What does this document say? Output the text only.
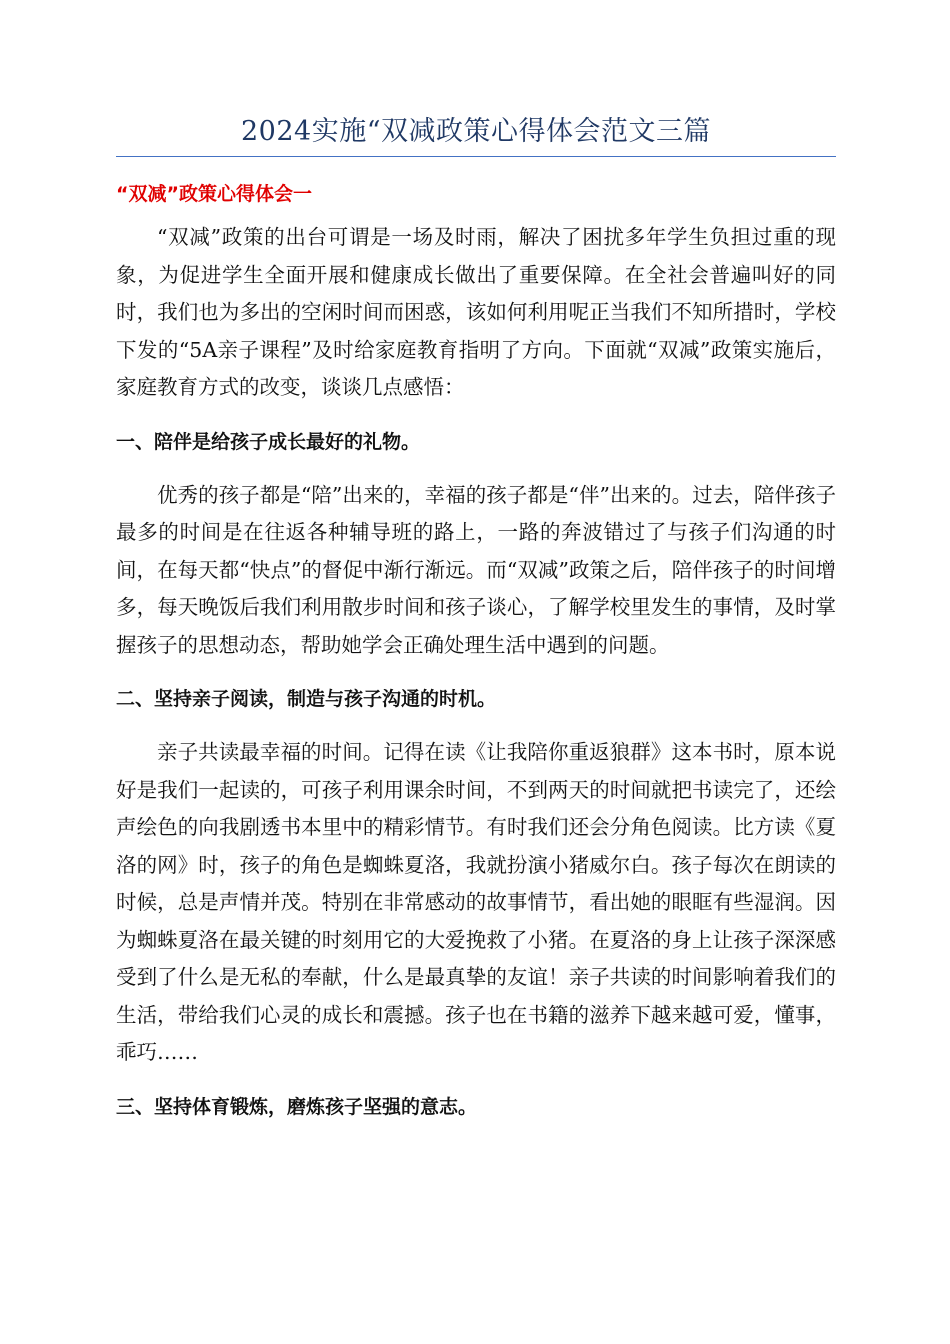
2024实施“双减政策心得体会范文三篇
“双减”政策心得体会一

“双减”政策的出台可谓是一场及时雨，解决了困扰多年学生负担过重的现象，为促进学生全面开展和健康成长做出了重要保障。在全社会普遍叫好的同时，我们也为多出的空闲时间而困惑，该如何利用呢正当我们不知所措时，学校下发的“5A亲子课程”及时给家庭教育指明了方向。下面就“双减”政策实施后，家庭教育方式的改变，谈谈几点感悟：

一、陪伴是给孩子成长最好的礼物。

优秀的孩子都是“陪”出来的，幸福的孩子都是“伴”出来的。过去，陪伴孩子最多的时间是在往返各种辅导班的路上，一路的奔波错过了与孩子们沟通的时间，在每天都“快点”的督促中渐行渐远。而“双减”政策之后，陪伴孩子的时间增多，每天晚饭后我们利用散步时间和孩子谈心，了解学校里发生的事情，及时掌握孩子的思想动态，帮助她学会正确处理生活中遇到的问题。

二、坚持亲子阅读，制造与孩子沟通的时机。

亲子共读最幸福的时间。记得在读《让我陪你重返狼群》这本书时，原本说好是我们一起读的，可孩子利用课余时间，不到两天的时间就把书读完了，还绘声绘色的向我剧透书本里中的精彩情节。有时我们还会分角色阅读。比方读《夏洛的网》时，孩子的角色是蜘蛛夏洛，我就扮演小猪威尔白。孩子每次在朗读的时候，总是声情并茂。特别在非常感动的故事情节，看出她的眼眶有些湿润。因为蜘蛛夏洛在最关键的时刻用它的大爱挽救了小猪。在夏洛的身上让孩子深深感受到了什么是无私的奉献，什么是最真挚的友谊！亲子共读的时间影响着我们的生活，带给我们心灵的成长和震撼。孩子也在书籍的滋养下越来越可爱，懂事，乖巧……

三、坚持体育锻炼，磨炼孩子坚强的意志。
